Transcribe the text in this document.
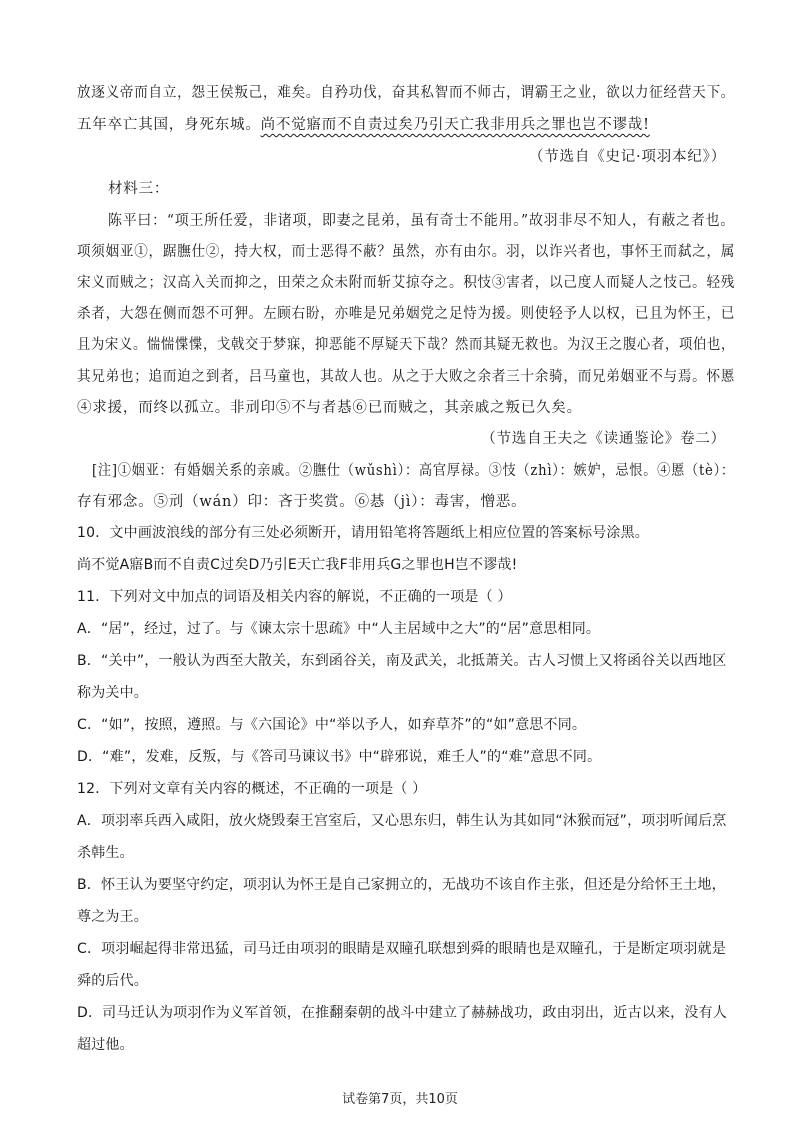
放逐义帝而自立，怨王侯叛己，难矣。自矜功伐，奋其私智而不师古，谓霸王之业，欲以力征经营天下。
五年卒亡其国，身死东城。尚不觉寤而不自责过矣乃引天亡我非用兵之罪也岂不谬哉!
（节选自《史记·项羽本纪》）
材料三：
陈平曰：“项王所任爱，非诸项，即妻之昆弟，虽有奇士不能用。”故羽非尽不知人，有蔽之者也。
项须姻亚①，踞膴仕②，持大权，而士恶得不蔽？虽然，亦有由尔。羽，以诈兴者也，事怀王而弑之，属
宋义而贼之；汉高入关而抑之，田荣之众未附而斩艾掠夺之。积忮③害者，以己度人而疑人之忮己。轻残
杀者，大怨在侧而怨不可狎。左顾右盼，亦唯是兄弟姻党之足恃为援。则使轻予人以权，已且为怀王，已
且为宋义。惴惴惵惵，戈戟交于梦寐，抑恶能不厚疑天下哉？然而其疑无救也。为汉王之腹心者，项伯也，
其兄弟也；追而迫之到者，吕马童也，其故人也。从之于大败之余者三十余骑，而兄弟姻亚不与焉。怀慝
④求援，而终以孤立。非刓印⑤不与者惎⑥已而贼之，其亲戚之叛已久矣。
（节选自王夫之《读通鉴论》卷二）
[注]①姻亚：有婚姻关系的亲戚。②膴仕（wǔshì）：高官厚禄。③忮（zhì）：嫉妒，忌恨。④慝（tè）：
存有邪念。⑤刓（wán）印：吝于奖赏。⑥惎（jì）：毒害，憎恶。
10．文中画波浪线的部分有三处必须断开，请用铅笔将答题纸上相应位置的答案标号涂黑。
尚不觉A寤B而不自责C过矣D乃引E天亡我F非用兵G之罪也H岂不谬哉!
11．下列对文中加点的词语及相关内容的解说，不正确的一项是（ ）
A．“居”，经过，过了。与《谏太宗十思疏》中“人主居域中之大”的“居”意思相同。
B．“关中”，一般认为西至大散关，东到函谷关，南及武关，北抵萧关。古人习惯上又将函谷关以西地区
称为关中。
C．“如”，按照，遵照。与《六国论》中“举以予人，如弃草芥”的“如”意思不同。
D．“难”，发难，反叛，与《答司马谏议书》中“辟邪说，难壬人”的“难”意思不同。
12．下列对文章有关内容的概述，不正确的一项是（ ）
A．项羽率兵西入咸阳，放火烧毁秦王宫室后，又心思东归，韩生认为其如同“沐猴而冠”，项羽听闻后烹
杀韩生。
B．怀王认为要坚守约定，项羽认为怀王是自己家拥立的，无战功不该自作主张，但还是分给怀王土地，
尊之为王。
C．项羽崛起得非常迅猛，司马迁由项羽的眼睛是双瞳孔联想到舜的眼睛也是双瞳孔，于是断定项羽就是
舜的后代。
D．司马迁认为项羽作为义军首领，在推翻秦朝的战斗中建立了赫赫战功，政由羽出，近古以来，没有人
超过他。
试卷第7页，共10页
